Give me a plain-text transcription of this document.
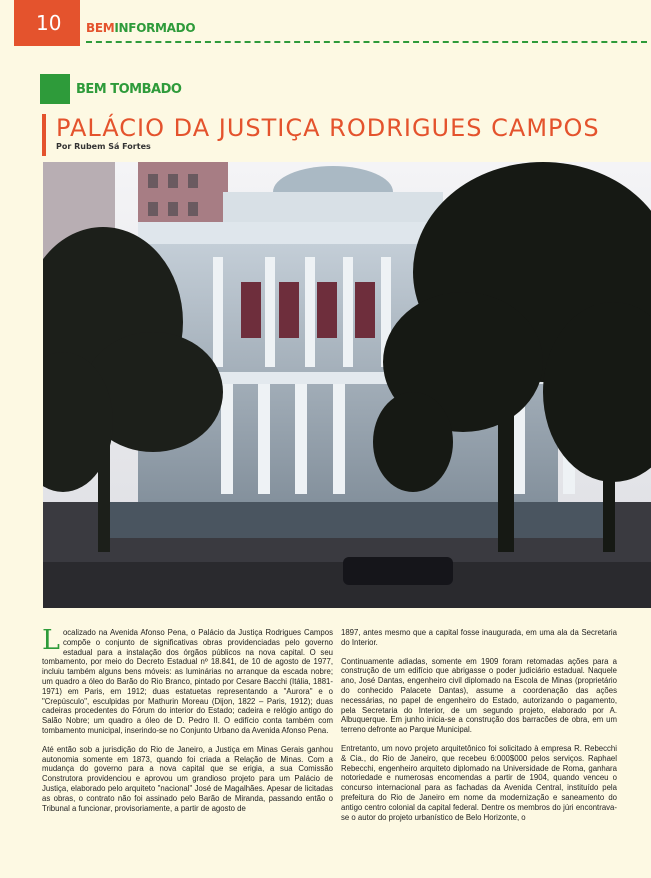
10	BEMINFORMADO
BEM TOMBADO
PALÁCIO DA JUSTIÇA RODRIGUES CAMPOS
Por Rubem Sá Fortes

Localizado na Avenida Afonso Pena, o Palácio da Justiça Rodrigues Campos compõe o conjunto de significativas obras providenciadas pelo governo estadual para a instalação dos órgãos públicos na nova capital. O seu tombamento, por meio do Decreto Estadual nº 18.841, de 10 de agosto de 1977, incluiu também alguns bens móveis: as luminárias no arranque da escada nobre; um quadro a óleo do Barão do Rio Branco, pintado por Cesare Bacchi (Itália, 1881- 1971) em Paris, em 1912; duas estatuetas representando a "Aurora" e o "Crepúsculo", esculpidas por Mathurin Moreau (Dijon, 1822 – Paris, 1912); duas cadeiras procedentes do Fórum do interior do Estado; cadeira e relógio antigo do Salão Nobre; um quadro a óleo de D. Pedro II. O edifício conta também com tombamento municipal, inserindo-se no Conjunto Urbano da Avenida Afonso Pena.

Até então sob a jurisdição do Rio de Janeiro, a Justiça em Minas Gerais ganhou autonomia somente em 1873, quando foi criada a Relação de Minas. Com a mudança do governo para a nova capital que se erigia, a sua Comissão Construtora providenciou e aprovou um grandioso projeto para um Palácio de Justiça, elaborado pelo arquiteto "nacional" José de Magalhães. Apesar de licitadas as obras, o contrato não foi assinado pelo Barão de Miranda, passando então o Tribunal a funcionar, provisoriamente, a partir de agosto de

1897, antes mesmo que a capital fosse inaugurada, em uma ala da Secretaria do Interior.

Continuamente adiadas, somente em 1909 foram retomadas ações para a construção de um edifício que abrigasse o poder judiciário estadual. Naquele ano, José Dantas, engenheiro civil diplomado na Escola de Minas (proprietário do conhecido Palacete Dantas), assume a coordenação das ações necessárias, no papel de engenheiro do Estado, autorizando o pagamento, pela Secretaria do Interior, de um segundo projeto, elaborado por A. Albuquerque. Em junho inicia-se a construção dos barracões de obra, em um terreno defronte ao Parque Municipal.

Entretanto, um novo projeto arquitetônico foi solicitado à empresa R. Rebecchi & Cia., do Rio de Janeiro, que recebeu 6:000$000 pelos serviços. Raphael Rebecchi, engenheiro arquiteto diplomado na Universidade de Roma, ganhara notoriedade e numerosas encomendas a partir de 1904, quando venceu o concurso internacional para as fachadas da Avenida Central, instituído pela prefeitura do Rio de Janeiro em nome da modernização e saneamento do antigo centro colonial da capital federal. Dentre os membros do júri encontrava-se o autor do projeto urbanístico de Belo Horizonte, o
